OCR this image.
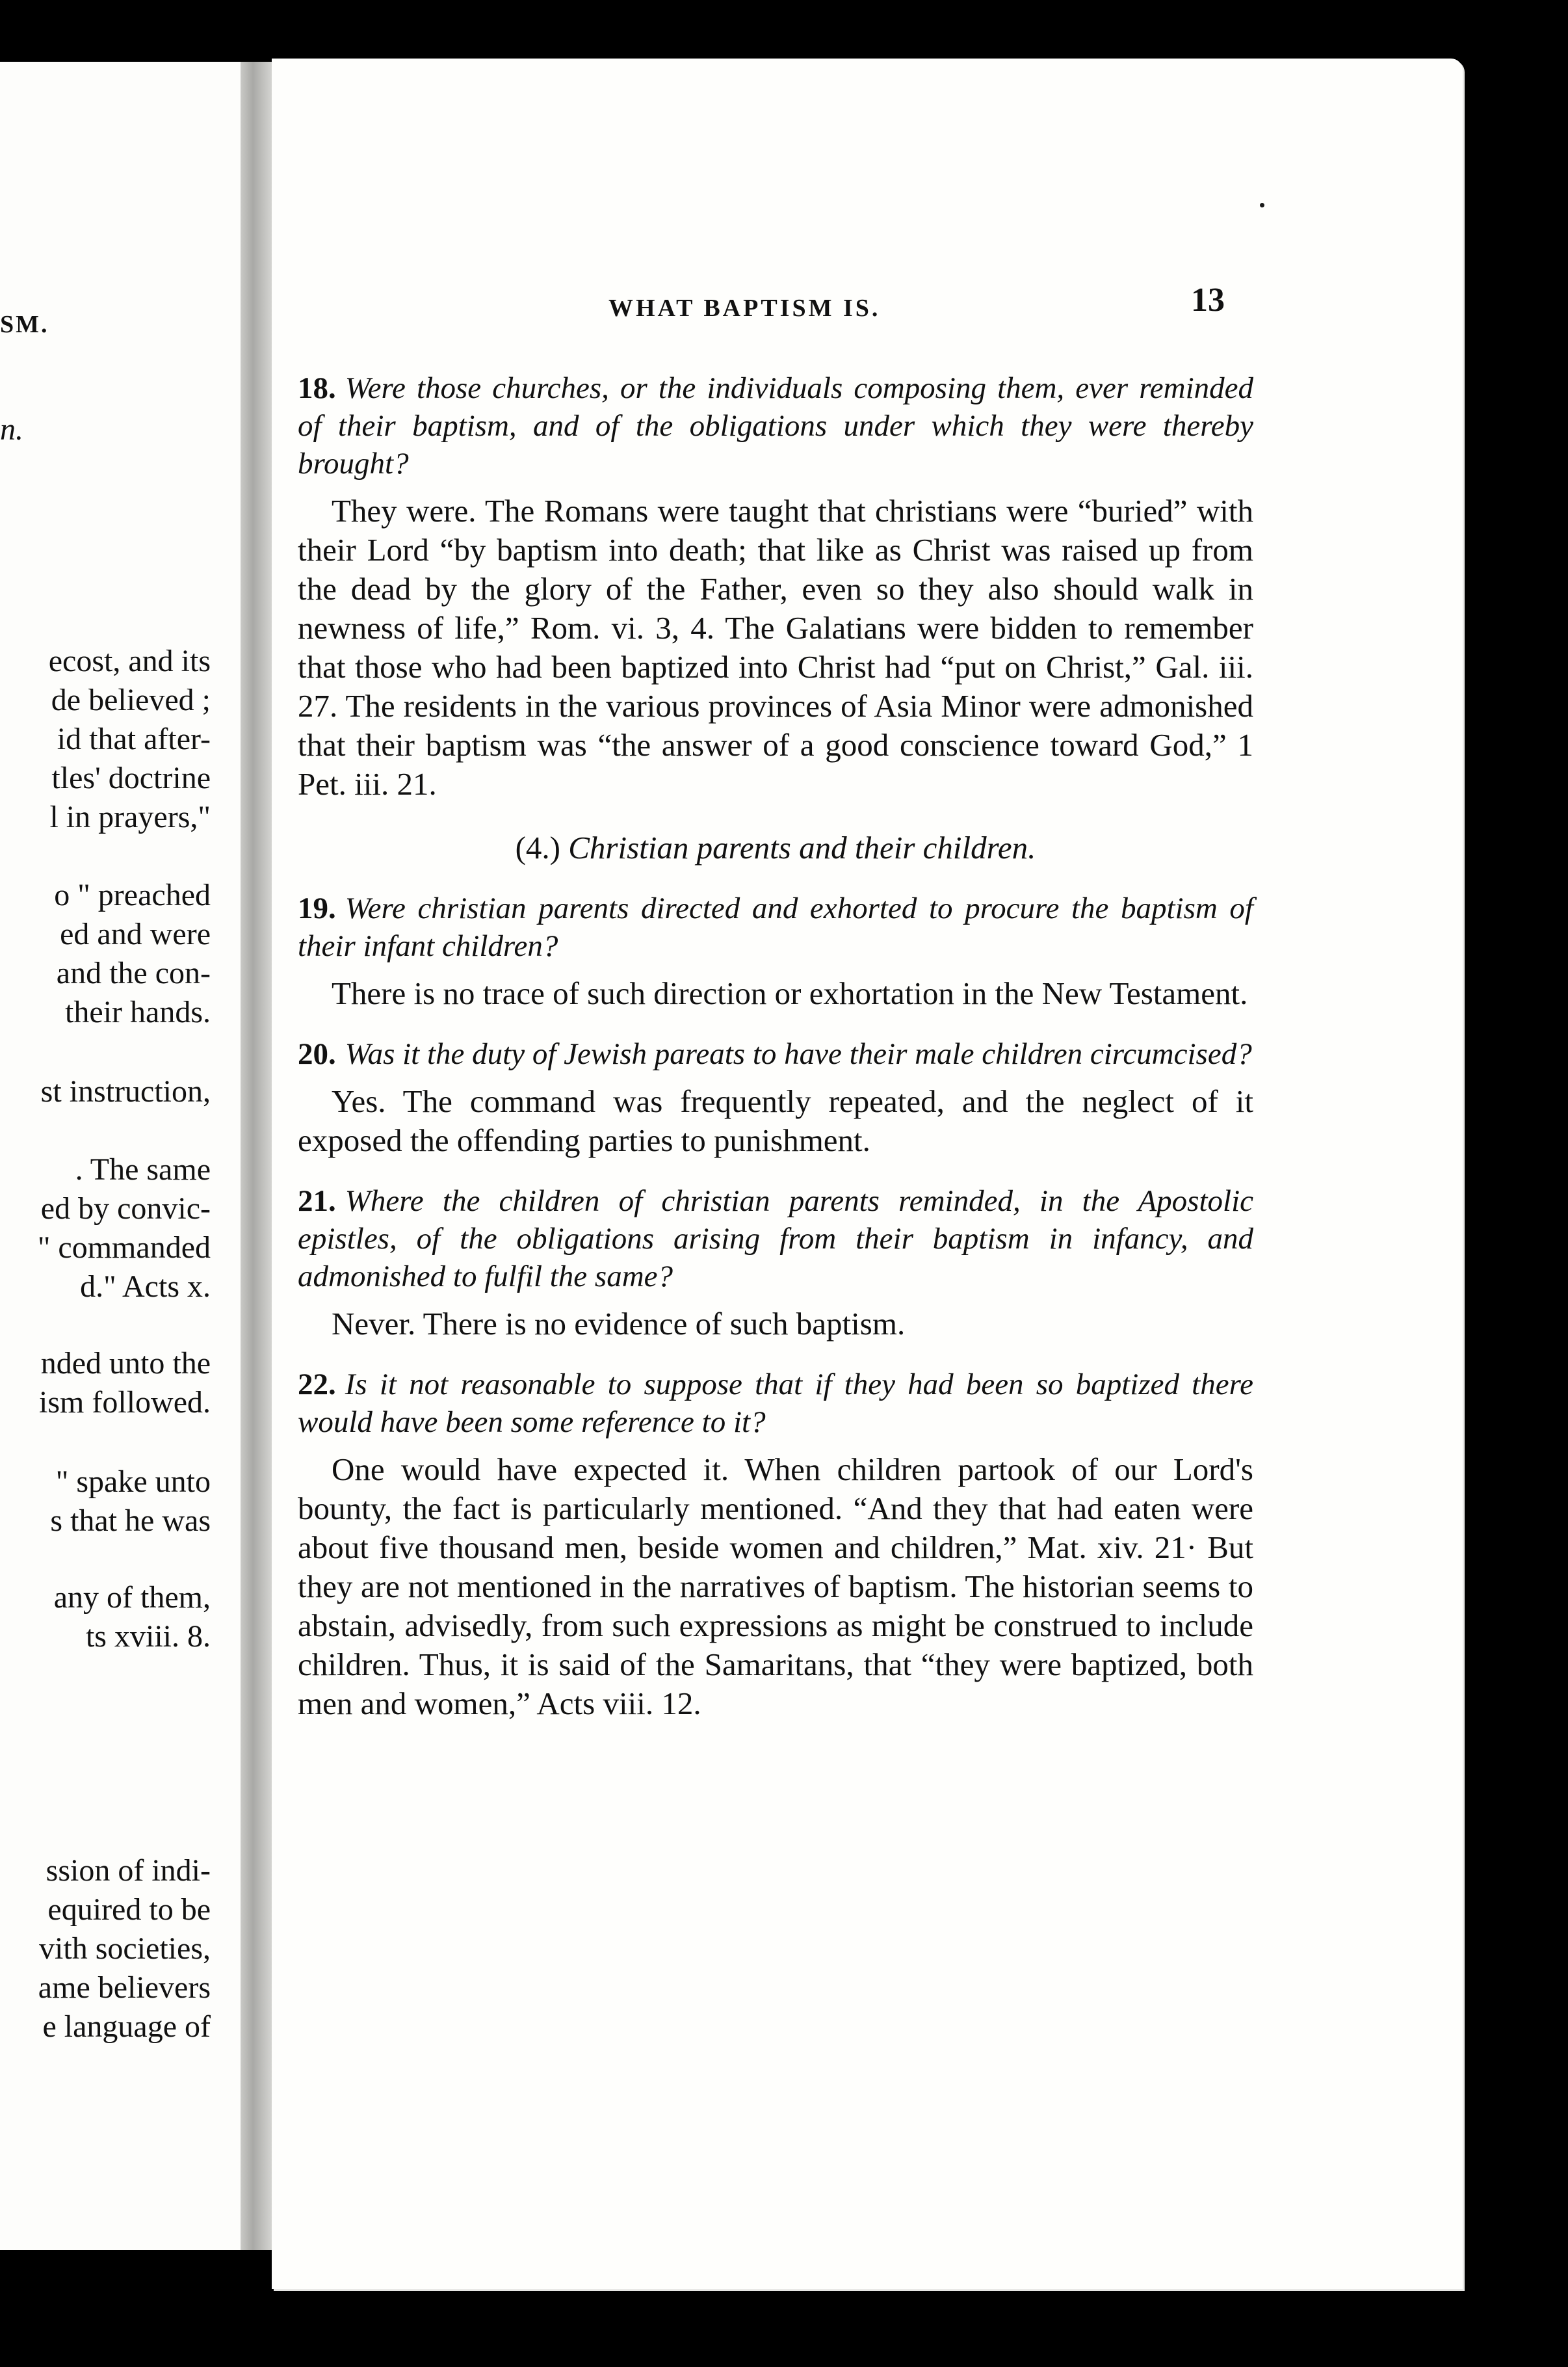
SM.
n.
ecost, and its
de believed ;
id that after-
tles' doctrine
l in prayers,"
o " preached
ed and were
and the con-
their hands.
st instruction,
. The same
ed by convic-
" commanded
d." Acts x.
nded unto the
ism followed.
" spake unto
s that he was
any of them,
ts xviii. 8.
ssion of indi-
equired to be
vith societies,
ame believers
e language of
WHAT BAPTISM IS.	13

18. Were those churches, or the individuals composing them, ever reminded of their baptism, and of the obligations under which they were thereby brought?

They were. The Romans were taught that christians were “buried” with their Lord “by baptism into death; that like as Christ was raised up from the dead by the glory of the Father, even so they also should walk in newness of life,” Rom. vi. 3, 4. The Galatians were bidden to remember that those who had been baptized into Christ had “put on Christ,” Gal. iii. 27. The residents in the various provinces of Asia Minor were admonished that their baptism was “the answer of a good conscience toward God,” 1 Pet. iii. 21.

(4.) Christian parents and their children.

19. Were christian parents directed and exhorted to procure the baptism of their infant children?

There is no trace of such direction or exhortation in the New Testament.

20. Was it the duty of Jewish pareats to have their male children circumcised?

Yes. The command was frequently repeated, and the neglect of it exposed the offending parties to punishment.

21. Where the children of christian parents reminded, in the Apostolic epistles, of the obligations arising from their baptism in infancy, and admonished to fulfil the same?

Never. There is no evidence of such baptism.

22. Is it not reasonable to suppose that if they had been so baptized there would have been some reference to it?

One would have expected it. When children partook of our Lord's bounty, the fact is particularly mentioned. “And they that had eaten were about five thousand men, beside women and children,” Mat. xiv. 21· But they are not mentioned in the narratives of baptism. The historian seems to abstain, advisedly, from such expressions as might be construed to include children. Thus, it is said of the Samaritans, that “they were baptized, both men and women,” Acts viii. 12.
